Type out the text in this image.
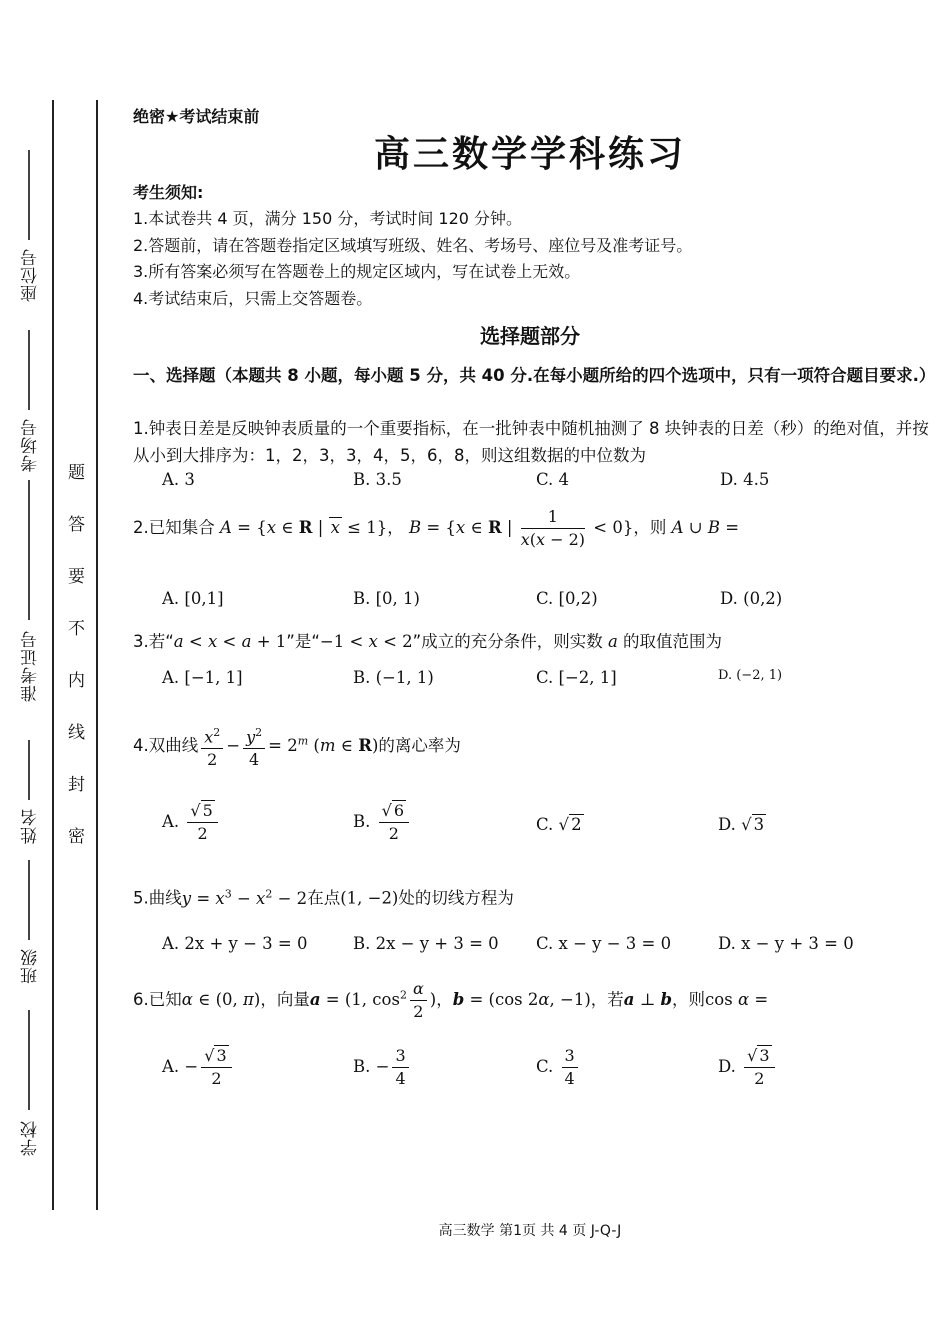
座位号
考场号
准考证号
姓名
班级
学校
题
答
要
不
内
线
封
密
绝密★考试结束前
高三数学学科练习
考生须知:
1.本试卷共 4 页，满分 150 分，考试时间 120 分钟。
2.答题前，请在答题卷指定区域填写班级、姓名、考场号、座位号及准考证号。
3.所有答案必须写在答题卷上的规定区域内，写在试卷上无效。
4.考试结束后，只需上交答题卷。
选择题部分
一、选择题（本题共 8 小题，每小题 5 分，共 40 分.在每小题所给的四个选项中，只有一项符合题目要求.）
1.钟表日差是反映钟表质量的一个重要指标，在一批钟表中随机抽测了 8 块钟表的日差（秒）的绝对值，并按从小到大排序为：1，2，3，3，4，5，6，8，则这组数据的中位数为
A. 3	B. 3.5	C. 4	D. 4.5
2.已知集合 A = {x ∈ R | x ≤ 1}， B = {x ∈ R | $\frac{1}{x(x - 2)} < 0$}，则 A ∪ B =
A. [0,1]	B. [0, 1)	C. [0,2)	D. (0,2)
3.若“a < x < a + 1”是“−1 < x < 2”成立的充分条件，则实数 a 的取值范围为
A. [−1, 1]	B. (−1, 1)	C. [−2, 1]	D. (−2, 1)
4.双曲线 $\frac{x^2}{2} - \frac{y^2}{4} = 2^m$ (m ∈ R)的离心率为
A. $\frac{√ 5}{2}$	B. $\frac{√ 6}{2}$	C. √ 2	D. √ 3
5.曲线$y = x^3 - x^2 - 2$在点(1, −2)处的切线方程为
A. 2x + y − 3 = 0	B. 2x − y + 3 = 0 C. x − y − 3 = 0	D. x − y + 3 = 0
6.已知α ∈ (0, π)，向量a = (1, $\cos^2 \frac{\alpha}{2}$ )，b = (cos 2α, −1)，若a ⊥ b，则cos α =
A. − $\frac{√ 3}{2}$	B. − $\frac{3}{4}$	C. $\frac{3}{4}$	D. $\frac{√ 3}{2}$
高三数学 第1页 共 4 页 J-Q-J
